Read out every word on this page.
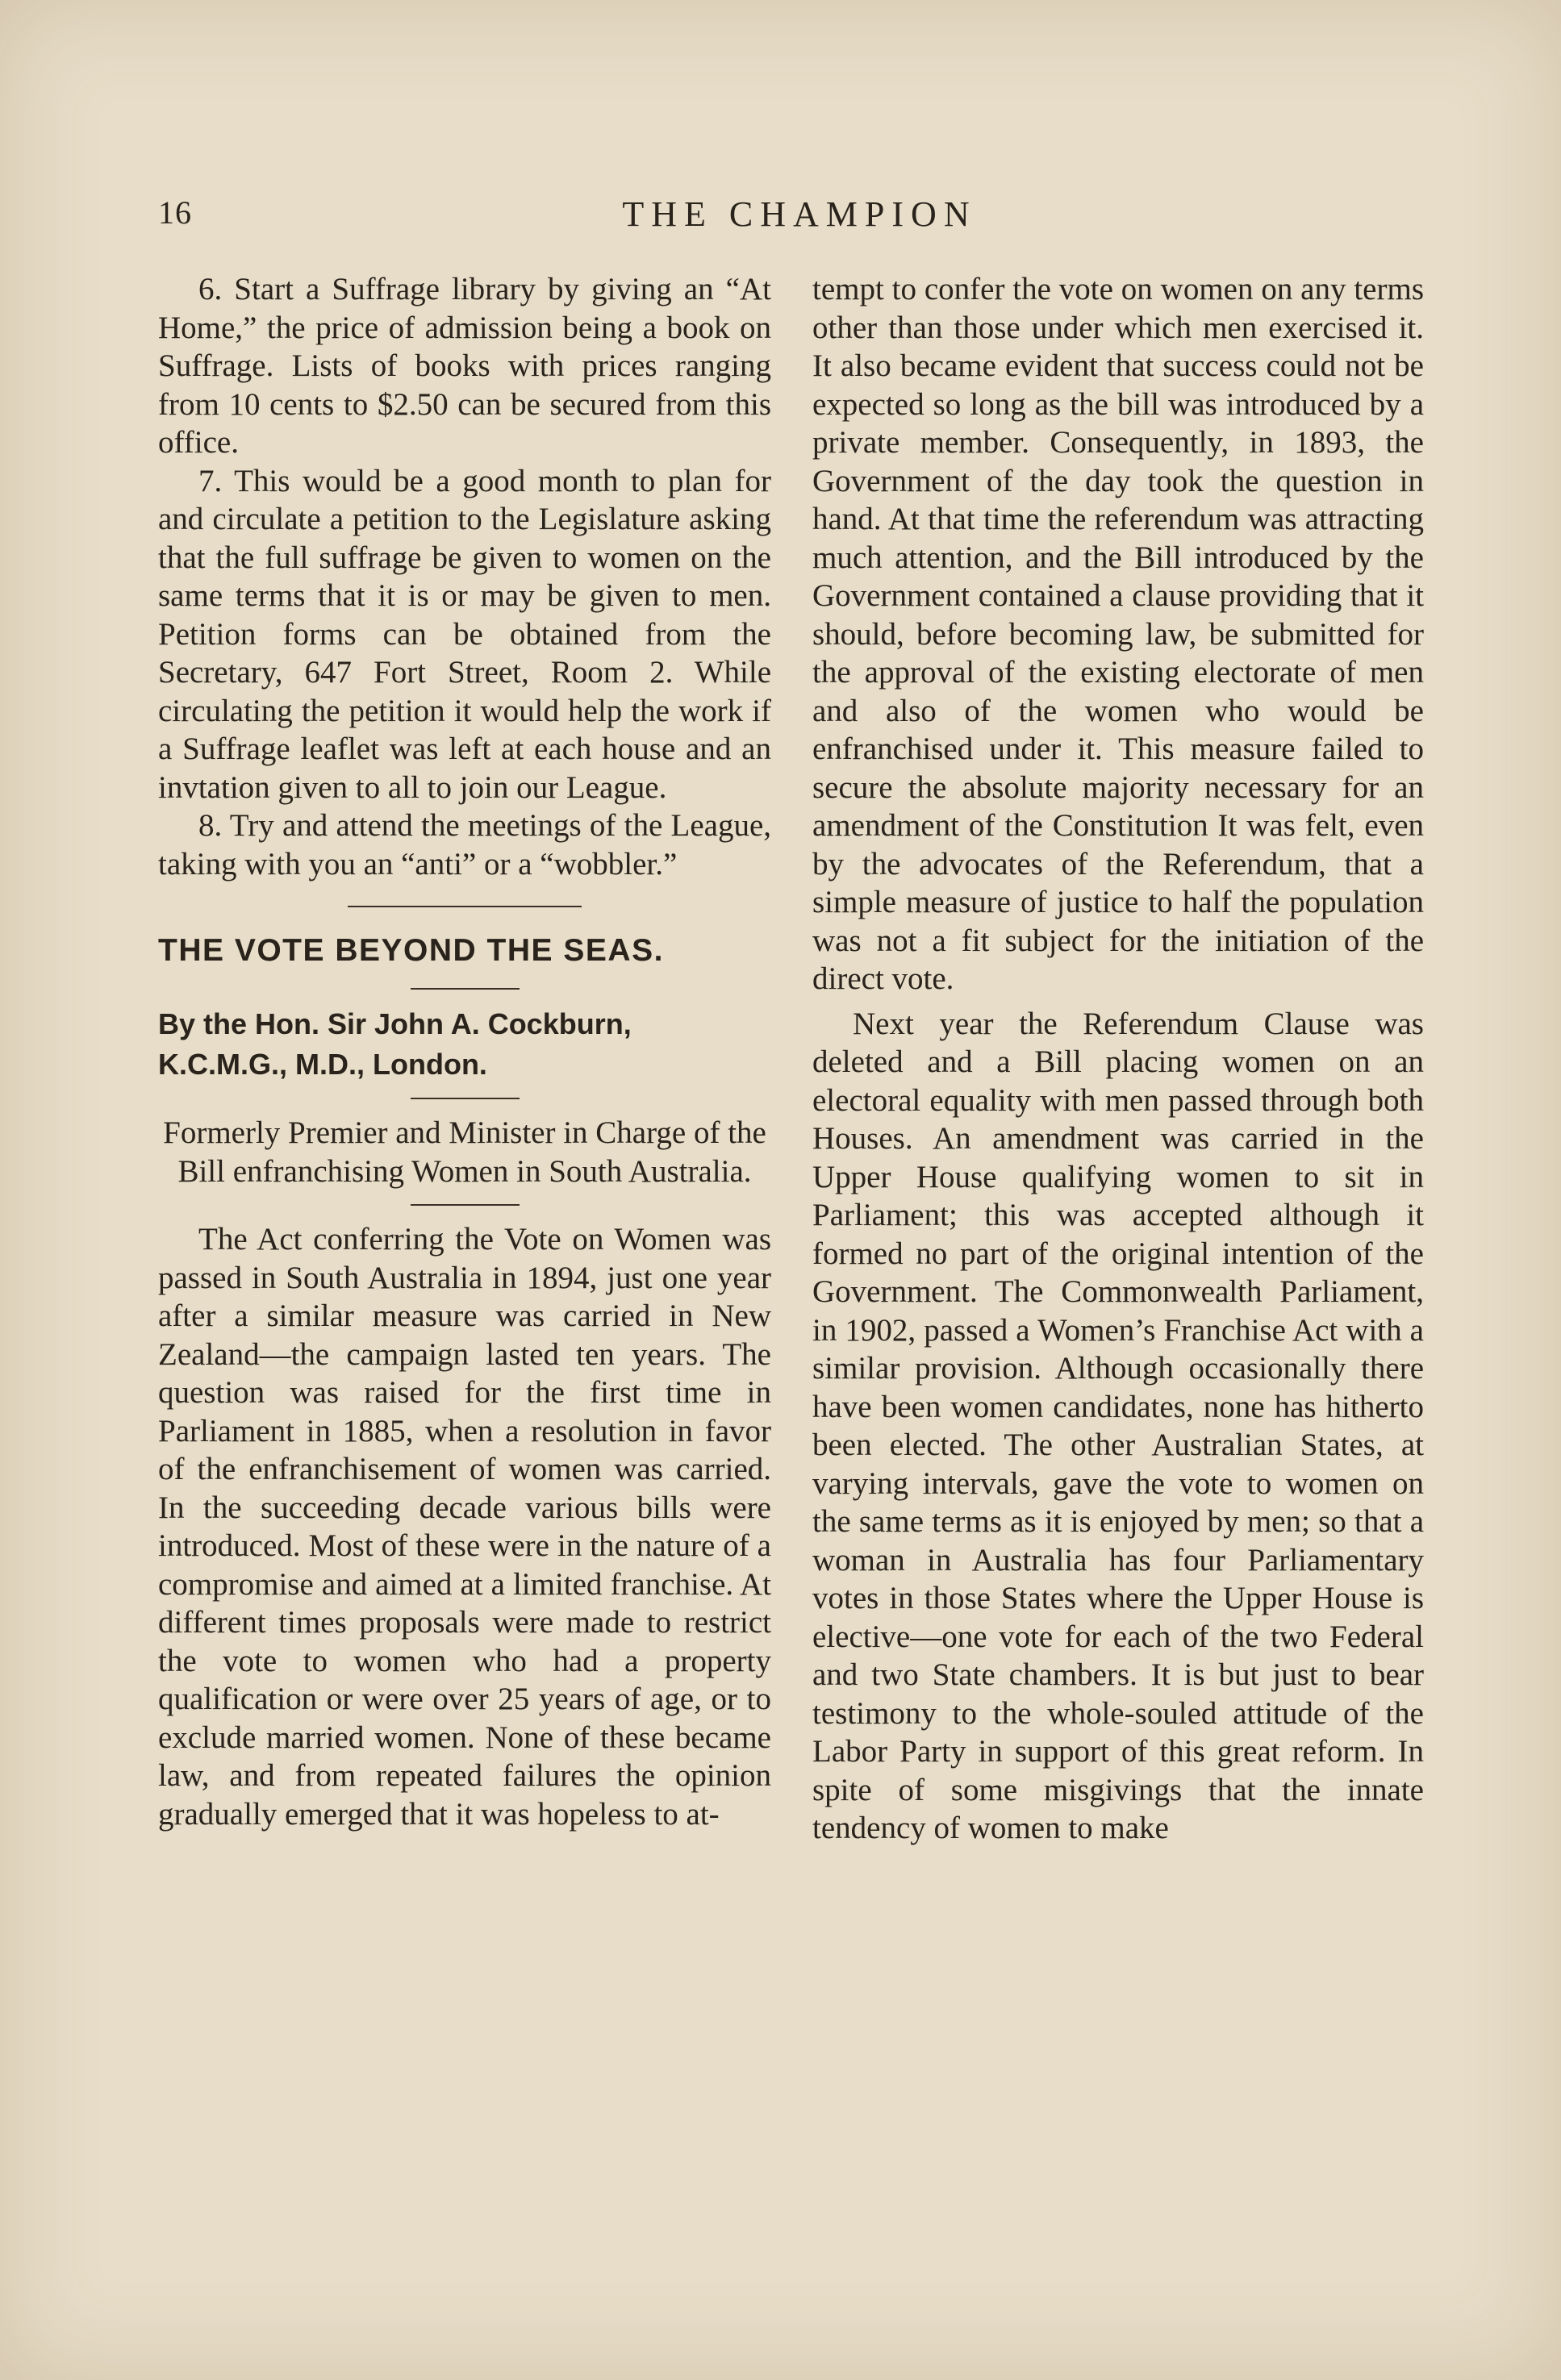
16	THE CHAMPION

6. Start a Suffrage library by giving an “At Home,” the price of admission being a book on Suffrage. Lists of books with prices ranging from 10 cents to $2.50 can be secured from this office.

7. This would be a good month to plan for and circulate a petition to the Legislature asking that the full suffrage be given to women on the same terms that it is or may be given to men. Petition forms can be obtained from the Secretary, 647 Fort Street, Room 2. While circulating the petition it would help the work if a Suffrage leaflet was left at each house and an invtation given to all to join our League.

8. Try and attend the meetings of the League, taking with you an “anti” or a “wobbler.”

THE VOTE BEYOND THE SEAS.

By the Hon. Sir John A. Cockburn,

K.C.M.G., M.D., London.

Formerly Premier and Minister in Charge of the Bill enfranchising Women in South Australia.

The Act conferring the Vote on Women was passed in South Australia in 1894, just one year after a similar measure was carried in New Zealand—the campaign lasted ten years. The question was raised for the first time in Parliament in 1885, when a resolution in favor of the enfranchisement of women was carried. In the succeeding decade various bills were introduced. Most of these were in the nature of a compromise and aimed at a limited franchise. At different times proposals were made to restrict the vote to women who had a property qualification or were over 25 years of age, or to exclude married women. None of these became law, and from repeated failures the opinion gradually emerged that it was hopeless to at-

tempt to confer the vote on women on any terms other than those under which men exercised it. It also became evident that success could not be expected so long as the bill was introduced by a private member. Consequently, in 1893, the Government of the day took the question in hand. At that time the referendum was attracting much attention, and the Bill introduced by the Government contained a clause providing that it should, before becoming law, be submitted for the approval of the existing electorate of men and also of the women who would be enfranchised under it. This measure failed to secure the absolute majority necessary for an amendment of the Constitution It was felt, even by the advocates of the Referendum, that a simple measure of justice to half the population was not a fit subject for the initiation of the direct vote.

Next year the Referendum Clause was deleted and a Bill placing women on an electoral equality with men passed through both Houses. An amendment was carried in the Upper House qualifying women to sit in Parliament; this was accepted although it formed no part of the original intention of the Government. The Commonwealth Parliament, in 1902, passed a Women’s Franchise Act with a similar provision. Although occasionally there have been women candidates, none has hitherto been elected. The other Australian States, at varying intervals, gave the vote to women on the same terms as it is enjoyed by men; so that a woman in Australia has four Parliamentary votes in those States where the Upper House is elective—one vote for each of the two Federal and two State chambers. It is but just to bear testimony to the whole-souled attitude of the Labor Party in support of this great reform. In spite of some misgivings that the innate tendency of women to make
